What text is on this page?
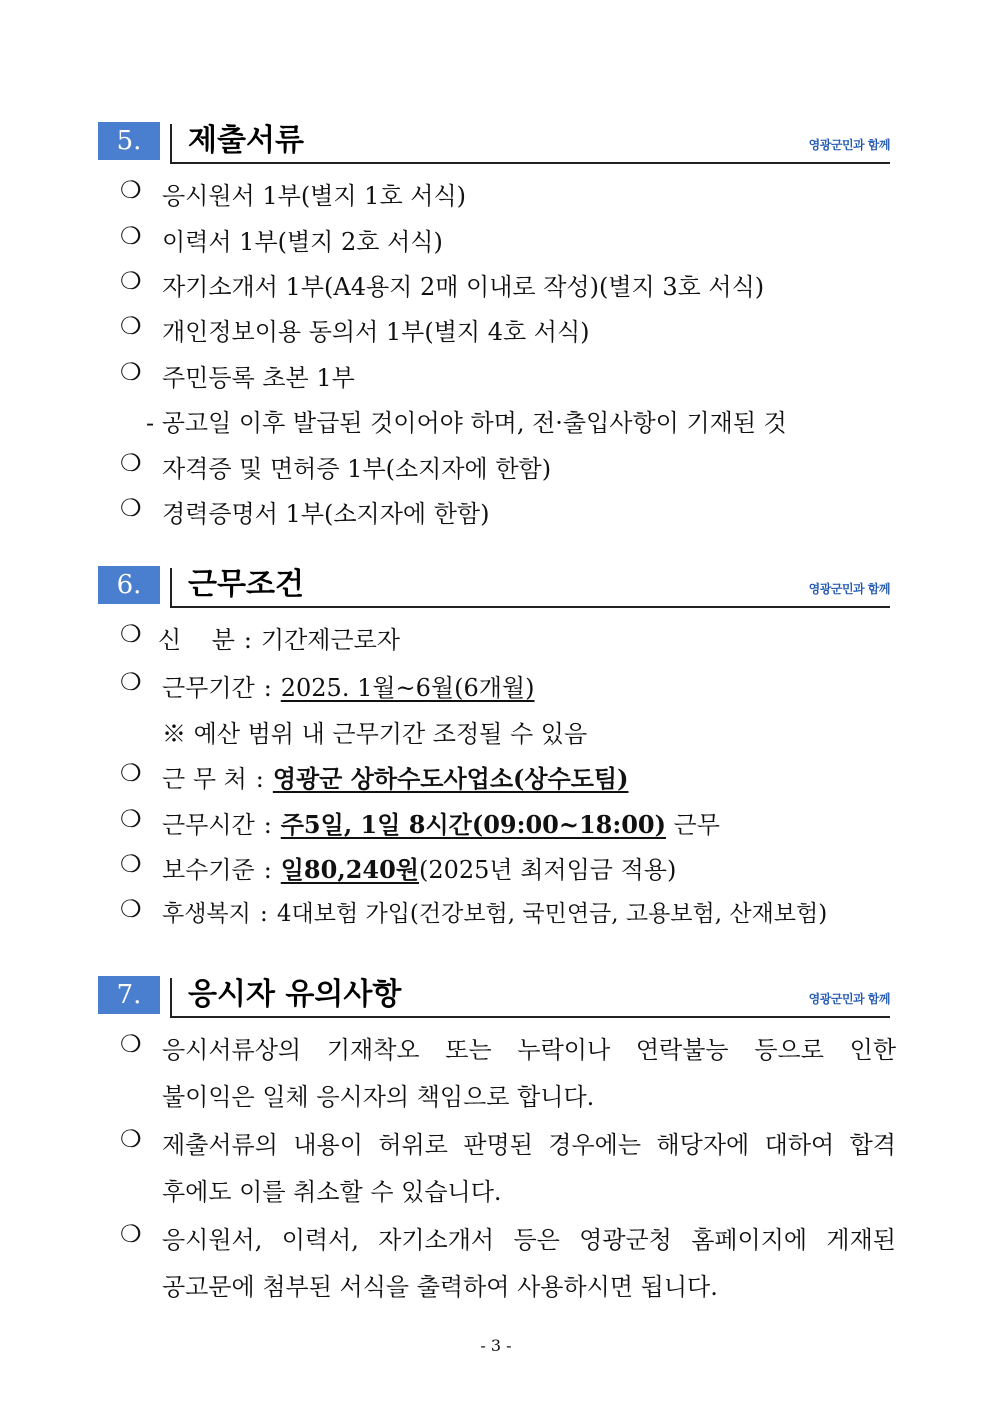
5.	제출서류	영광군민과 함께
❍ 응시원서 1부(별지 1호 서식)
❍ 이력서 1부(별지 2호 서식)
❍ 자기소개서 1부(A4용지 2매 이내로 작성)(별지 3호 서식)
❍ 개인정보이용 동의서 1부(별지 4호 서식)
❍ 주민등록 초본 1부
- 공고일 이후 발급된 것이어야 하며, 전·출입사항이 기재된 것
❍ 자격증 및 면허증 1부(소지자에 한함)
❍ 경력증명서 1부(소지자에 한함)
6.	근무조건	영광군민과 함께
❍ 신    분 : 기간제근로자
❍ 근무기간 : 2025. 1월~6월(6개월)
※ 예산 범위 내 근무기간 조정될 수 있음
❍ 근 무 처 : 영광군 상하수도사업소(상수도팀)
❍ 근무시간 : 주5일, 1일 8시간(09:00~18:00) 근무
❍ 보수기준 : 일80,240원(2025년 최저임금 적용)
❍ 후생복지 : 4대보험 가입(건강보험, 국민연금, 고용보험, 산재보험)
7.	응시자 유의사항	영광군민과 함께
❍ 응시서류상의 기재착오 또는 누락이나 연락불능 등으로 인한
불이익은 일체 응시자의 책임으로 합니다.
❍ 제출서류의 내용이 허위로 판명된 경우에는 해당자에 대하여 합격
후에도 이를 취소할 수 있습니다.
❍ 응시원서, 이력서, 자기소개서 등은 영광군청 홈페이지에 게재된
공고문에 첨부된 서식을 출력하여 사용하시면 됩니다.
- 3 -
